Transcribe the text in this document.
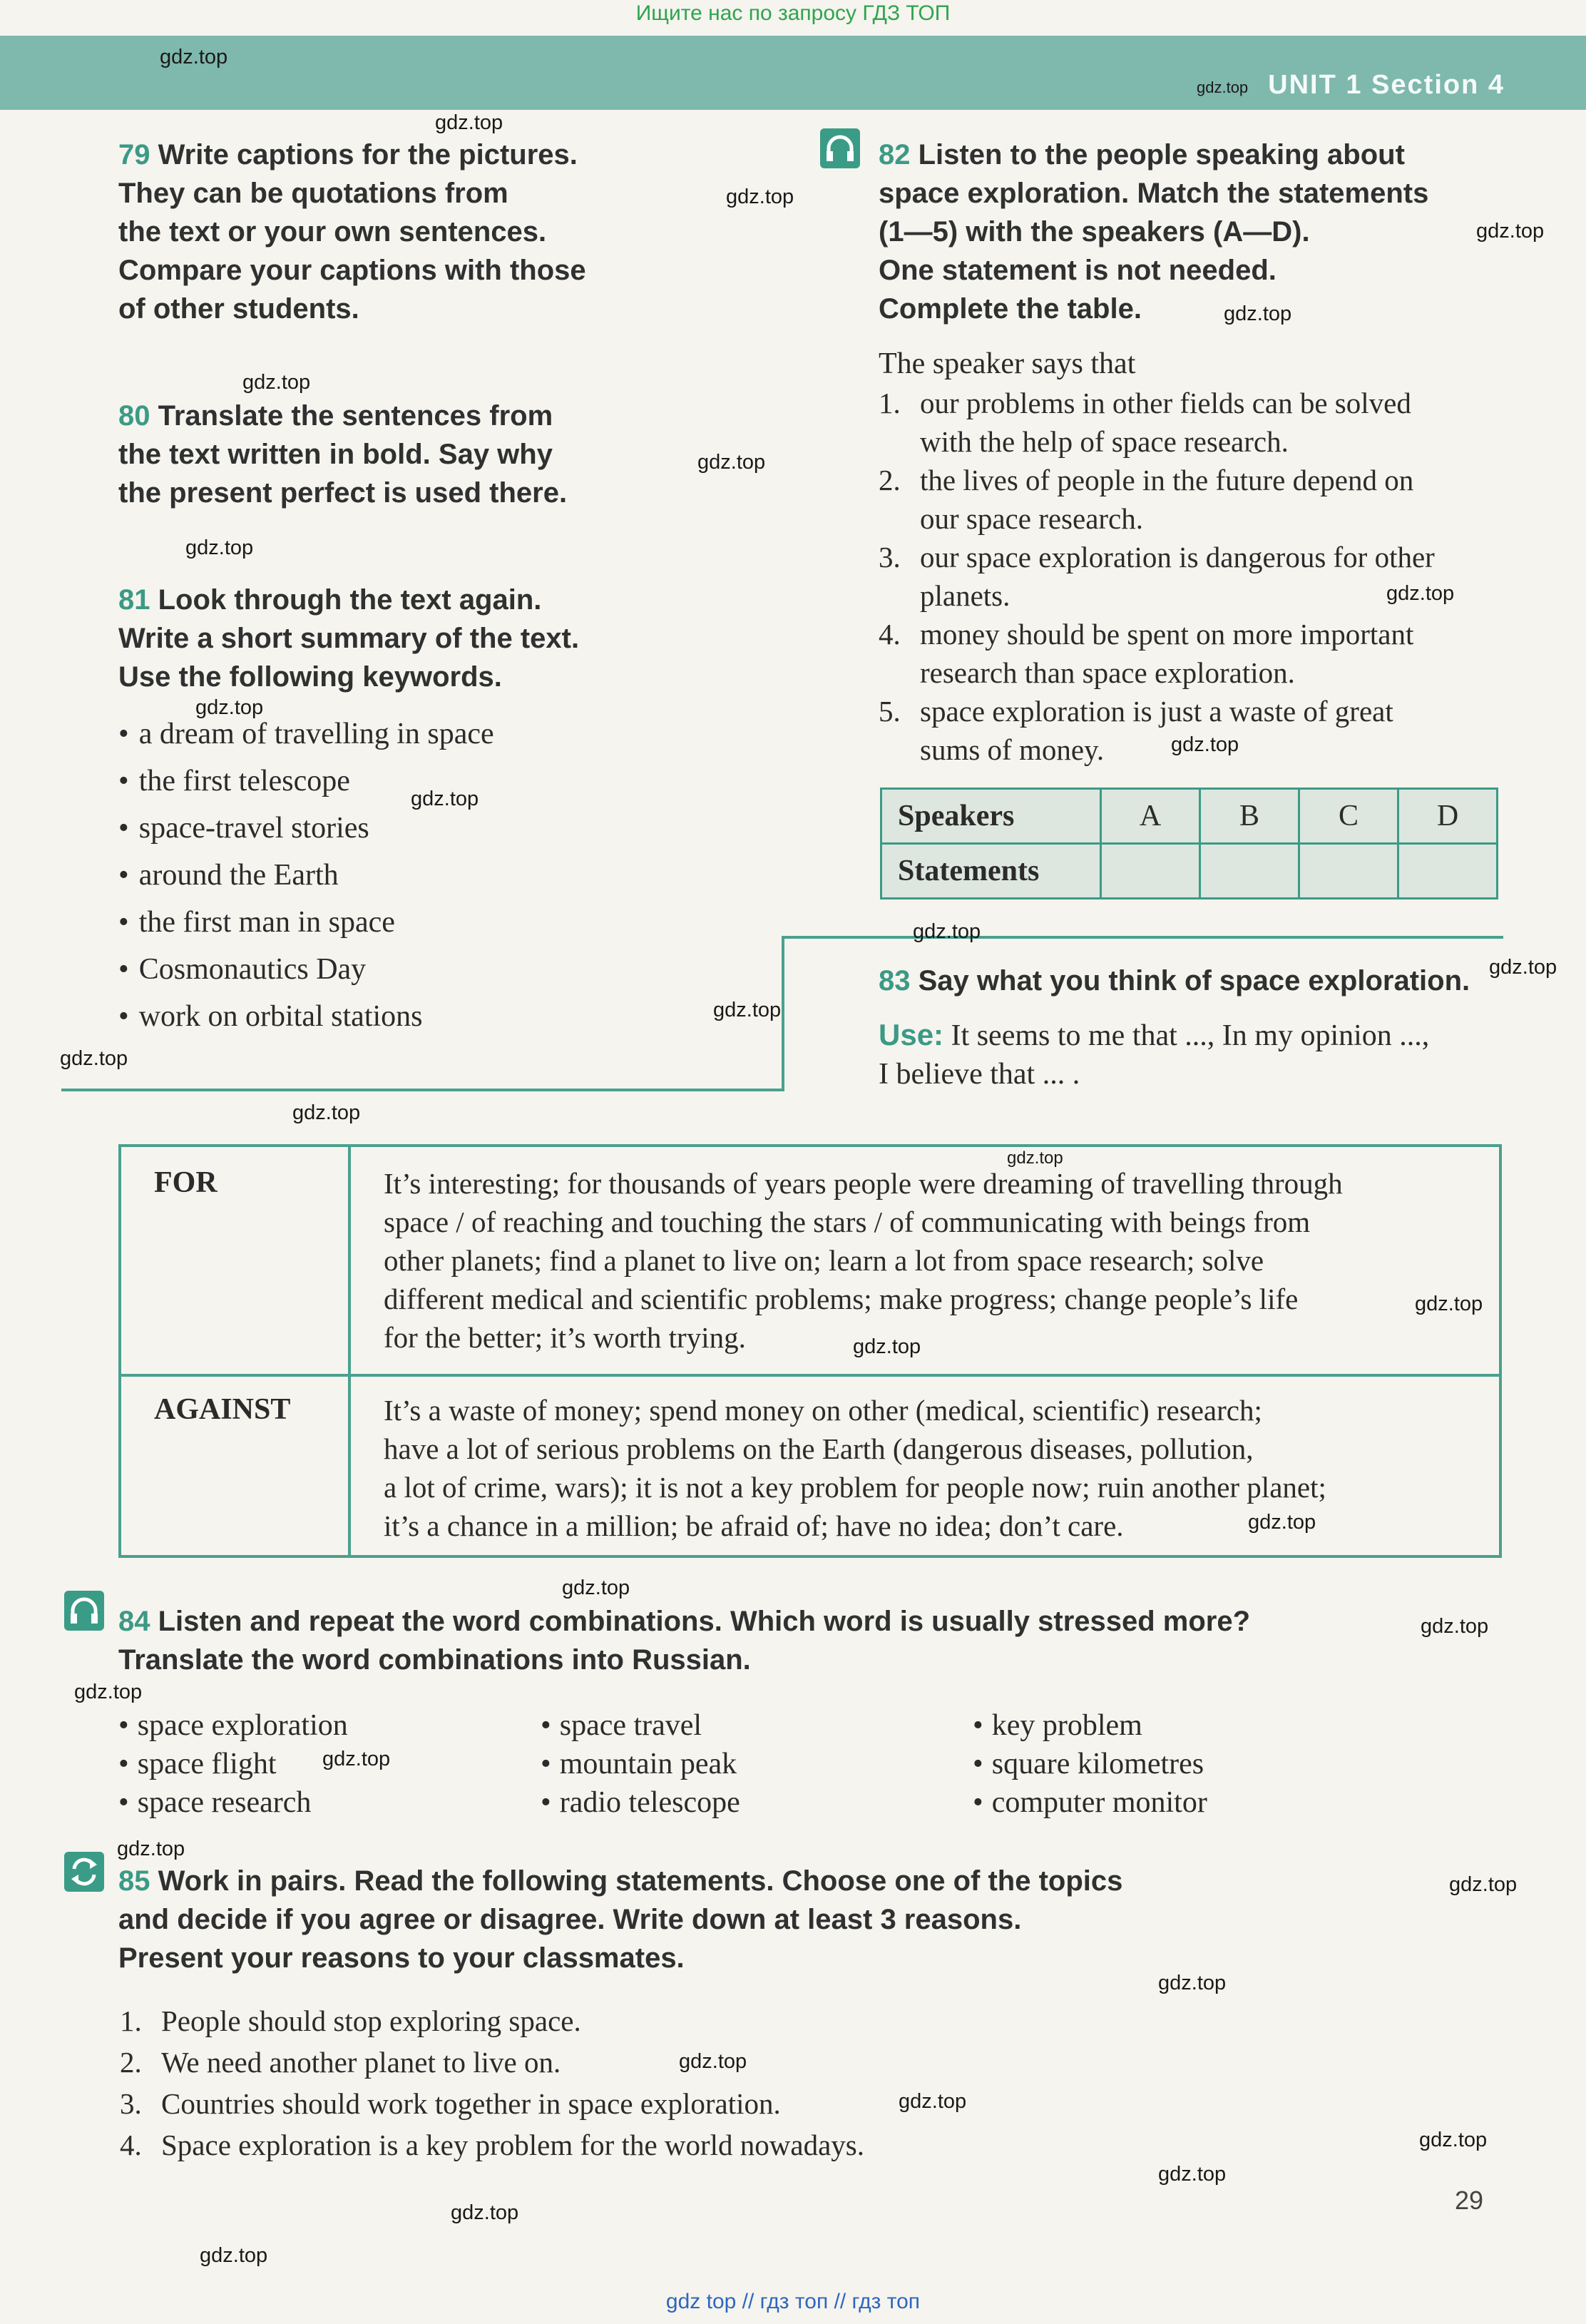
Ищите нас по запросу ГДЗ ТОП
UNIT 1 Section 4
79 Write captions for the pictures.
They can be quotations from
the text or your own sentences.
Compare your captions with those
of other students.
80 Translate the sentences from
the text written in bold. Say why
the present perfect is used there.
81 Look through the text again.
Write a short summary of the text.
Use the following keywords.
• a dream of travelling in space
• the first telescope
• space-travel stories
• around the Earth
• the first man in space
• Cosmonautics Day
• work on orbital stations
82 Listen to the people speaking about
space exploration. Match the statements
(1—5) with the speakers (A—D).
One statement is not needed.
Complete the table.
The speaker says that
1. our problems in other fields can be solved
with the help of space research.
2. the lives of people in the future depend on
our space research.
3. our space exploration is dangerous for other
planets.
4. money should be spent on more important
research than space exploration.
5. space exploration is just a waste of great
sums of money.
Speakers	A	B	C	D
Statements				
83 Say what you think of space exploration.
Use: It seems to me that ..., In my opinion ...,
I believe that ... .
FOR	It’s interesting; for thousands of years people were dreaming of travelling through
space / of reaching and touching the stars / of communicating with beings from
other planets; find a planet to live on; learn a lot from space research; solve
different medical and scientific problems; make progress; change people’s life
for the better; it’s worth trying.
AGAINST	It’s a waste of money; spend money on other (medical, scientific) research;
have a lot of serious problems on the Earth (dangerous diseases, pollution,
a lot of crime, wars); it is not a key problem for people now; ruin another planet;
it’s a chance in a million; be afraid of; have no idea; don’t care.
84 Listen and repeat the word combinations. Which word is usually stressed more?
Translate the word combinations into Russian.
• space exploration
• space flight
• space research
• space travel
• mountain peak
• radio telescope
• key problem
• square kilometres
• computer monitor
85 Work in pairs. Read the following statements. Choose one of the topics
and decide if you agree or disagree. Write down at least 3 reasons.
Present your reasons to your classmates.
1. People should stop exploring space.
2. We need another planet to live on.
3. Countries should work together in space exploration.
4. Space exploration is a key problem for the world nowadays.
29
gdz.top
gdz.top
gdz.top
gdz.top
gdz.top
gdz.top
gdz.top
gdz.top
gdz.top
gdz.top
gdz.top
gdz.top
gdz.top
gdz.top
gdz.top
gdz.top
gdz.top
gdz.top
gdz.top
gdz.top
gdz.top
gdz.top
gdz.top
gdz.top
gdz.top
gdz.top
gdz.top
gdz.top
gdz.top
gdz.top
gdz.top
gdz.top
gdz.top
gdz.top
gdz.top
gdz top // гдз топ // гдз топ
